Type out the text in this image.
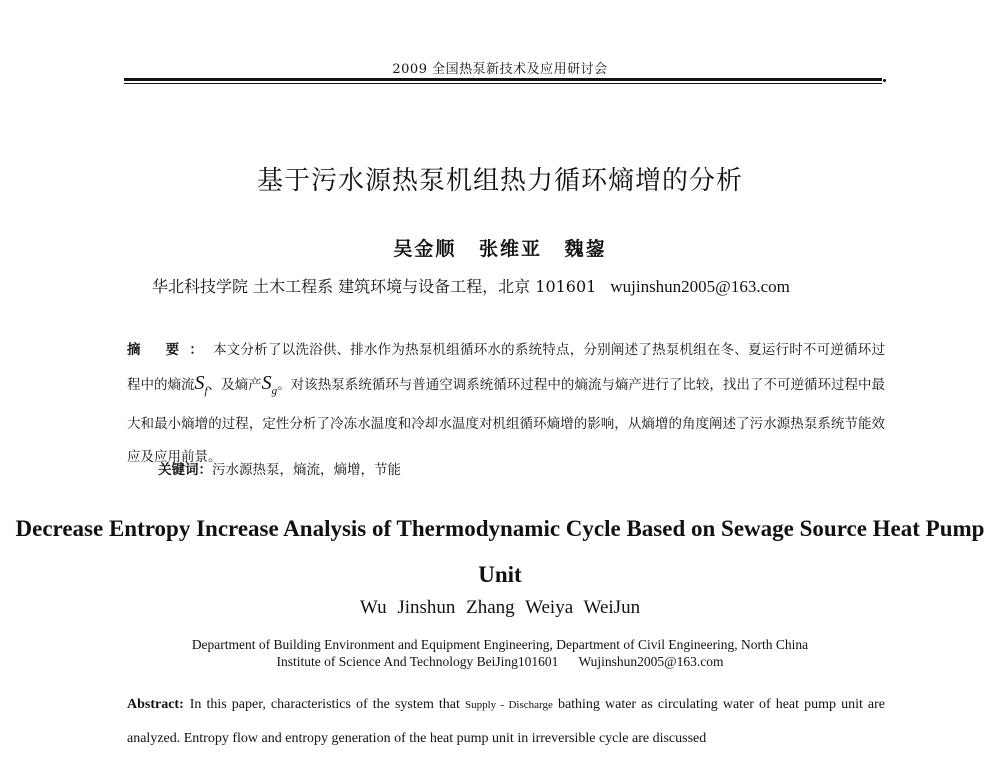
2009 全国热泵新技术及应用研讨会
基于污水源热泵机组热力循环熵增的分析
吴金顺 张维亚 魏鋆
华北科技学院 土木工程系 建筑环境与设备工程，北京 101601 wujinshun2005@163.com
摘 要：本文分析了以洗浴供、排水作为热泵机组循环水的系统特点，分别阐述了热泵机组在冬、夏运行时不可逆循环过程中的熵流$S_f$、及熵产$S_g$。对该热泵系统循环与普通空调系统循环过程中的熵流与熵产进行了比较，找出了不可逆循环过程中最大和最小熵增的过程，定性分析了冷冻水温度和冷却水温度对机组循环熵增的影响，从熵增的角度阐述了污水源热泵系统节能效应及应用前景。
关键词：污水源热泵，熵流，熵增，节能
Decrease Entropy Increase Analysis of Thermodynamic Cycle Based on Sewage Source Heat Pump Unit
Wu Jinshun Zhang Weiya WeiJun
Department of Building Environment and Equipment Engineering, Department of Civil Engineering, North China
Institute of Science And Technology BeiJing101601 Wujinshun2005@163.com
Abstract: In this paper, characteristics of the system that Supply - Discharge bathing water as circulating water of heat pump unit are analyzed. Entropy flow and entropy generation of the heat pump unit in irreversible cycle are discussed
